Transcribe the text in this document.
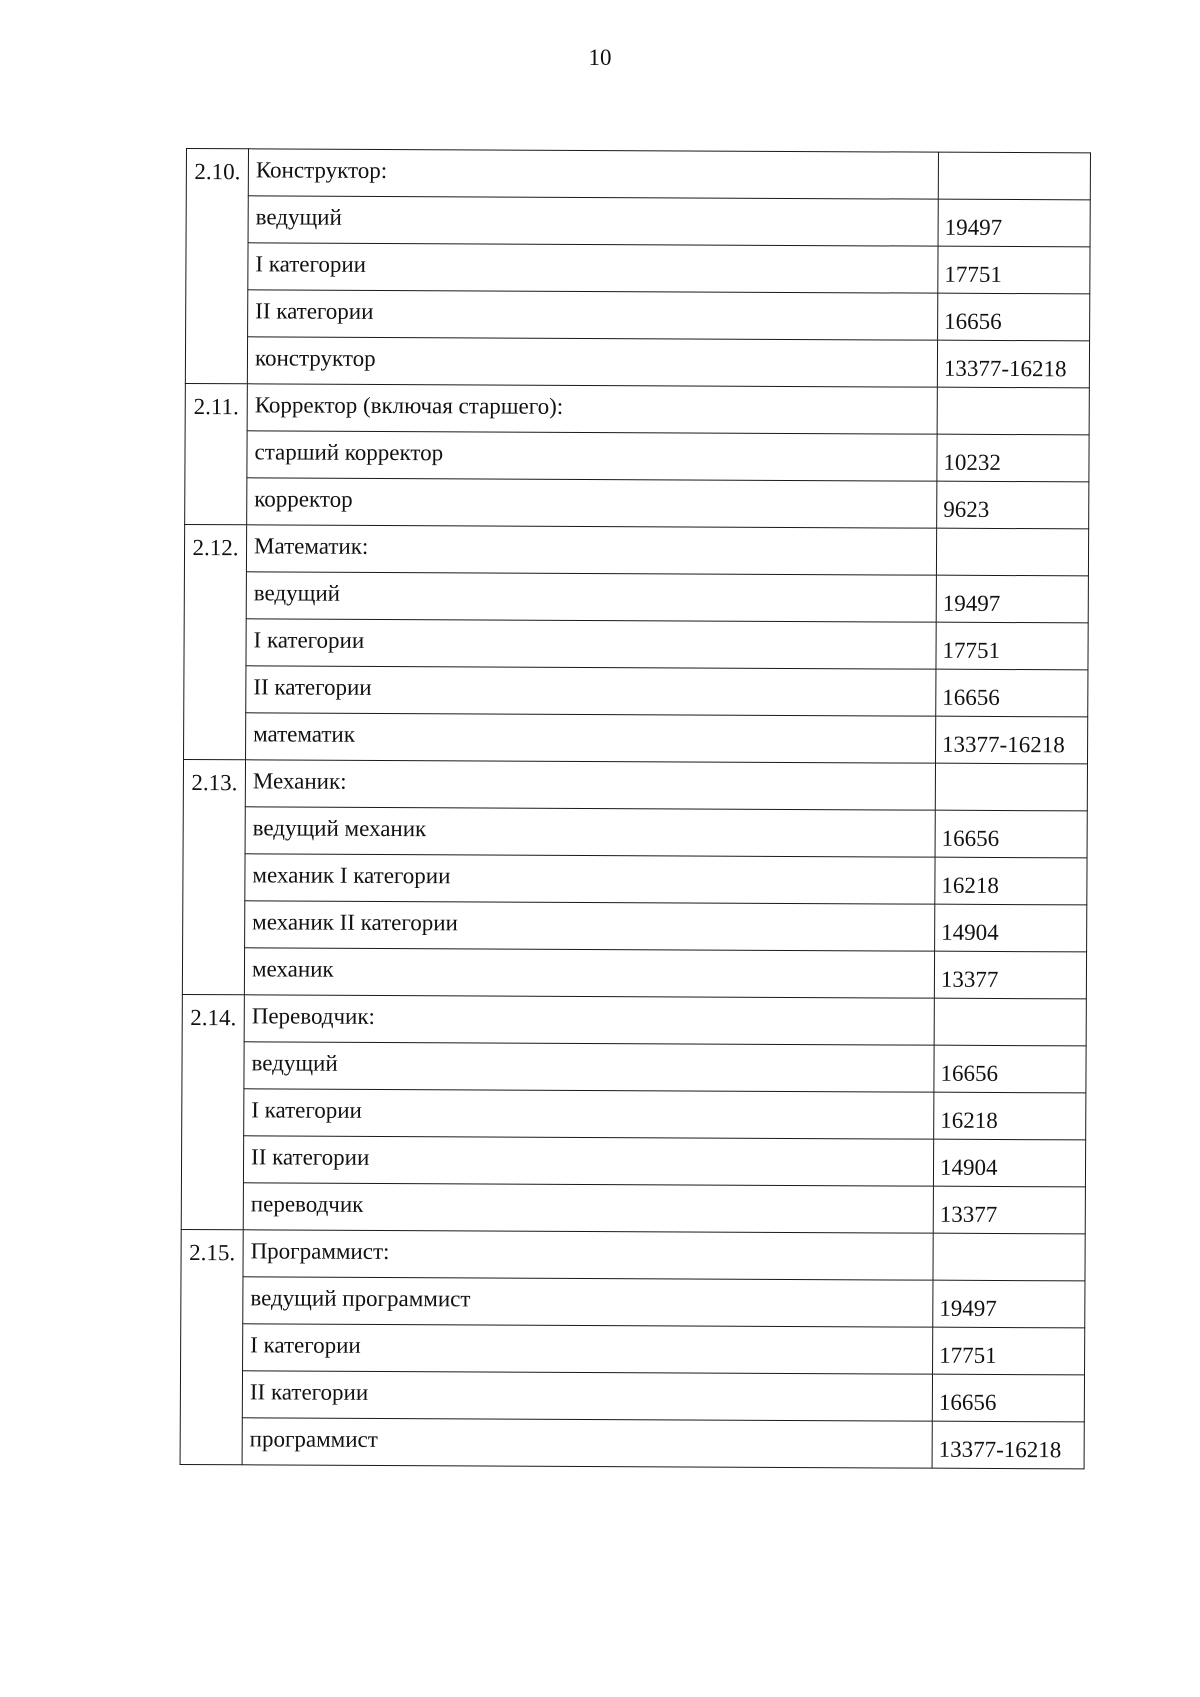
10
2.10.	Конструктор:	
	ведущий	19497
	I категории	17751
	II категории	16656
	конструктор	13377-16218
2.11.	Корректор (включая старшего):	
	старший корректор	10232
	корректор	9623
2.12.	Математик:	
	ведущий	19497
	I категории	17751
	II категории	16656
	математик	13377-16218
2.13.	Механик:	
	ведущий механик	16656
	механик I категории	16218
	механик II категории	14904
	механик	13377
2.14.	Переводчик:	
	ведущий	16656
	I категории	16218
	II категории	14904
	переводчик	13377
2.15.	Программист:	
	ведущий программист	19497
	I категории	17751
	II категории	16656
	программист	13377-16218
